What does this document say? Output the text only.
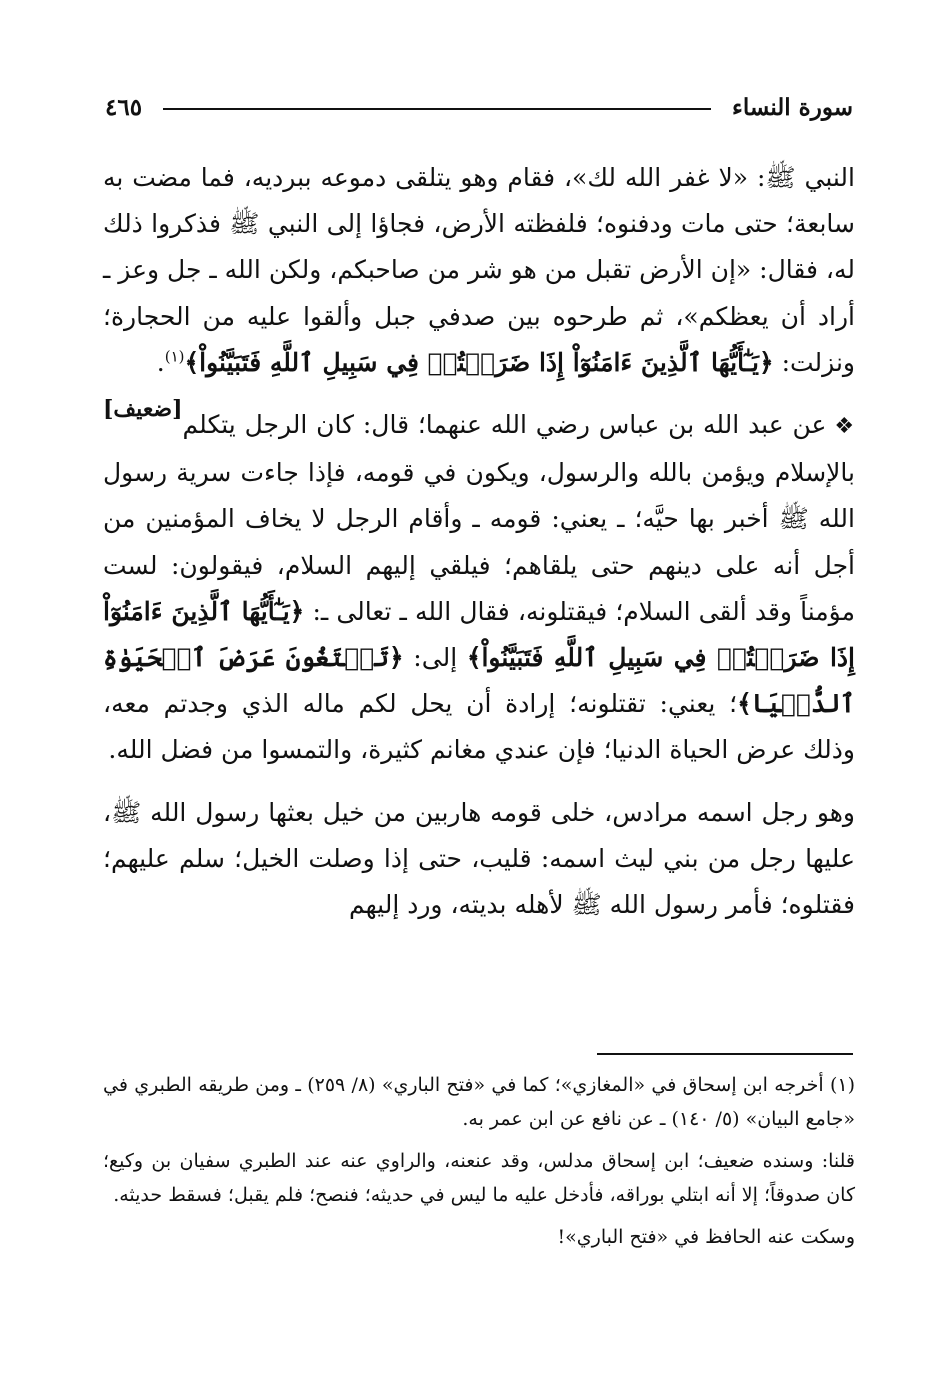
سورة النساء
٤٦٥

النبي ﷺ: «لا غفر الله لك»، فقام وهو يتلقى دموعه ببرديه، فما مضت به سابعة؛ حتى مات ودفنوه؛ فلفظته الأرض، فجاؤا إلى النبي ﷺ فذكروا ذلك له، فقال: «إن الأرض تقبل من هو شر من صاحبكم، ولكن الله ـ جل وعز ـ أراد أن يعظكم»، ثم طرحوه بين صدفي جبل وألقوا عليه من الحجارة؛ ونزلت: ﴿يَـٰٓأَيُّهَا ٱلَّذِينَ ءَامَنُوٓاْ إِذَا ضَرَبۡتُمۡ فِي سَبِيلِ ٱللَّهِ فَتَبَيَّنُواْ﴾$^{(١)}$.
[ضعيف]

❖ عن عبد الله بن عباس رضي الله عنهما؛ قال: كان الرجل يتكلم بالإسلام ويؤمن بالله والرسول، ويكون في قومه، فإذا جاءت سرية رسول الله ﷺ أخبر بها حيَّه؛ ـ يعني: قومه ـ وأقام الرجل لا يخاف المؤمنين من أجل أنه على دينهم حتى يلقاهم؛ فيلقي إليهم السلام، فيقولون: لست مؤمناً وقد ألقى السلام؛ فيقتلونه، فقال الله ـ تعالى ـ: ﴿يَـٰٓأَيُّهَا ٱلَّذِينَ ءَامَنُوٓاْ إِذَا ضَرَبۡتُمۡ فِي سَبِيلِ ٱللَّهِ فَتَبَيَّنُواْ﴾ إلى: ﴿تَبۡتَغُونَ عَرَضَ ٱلۡحَيَوٰةِ ٱلدُّنۡيَا﴾؛ يعني: تقتلونه؛ إرادة أن يحل لكم ماله الذي وجدتم معه، وذلك عرض الحياة الدنيا؛ فإن عندي مغانم كثيرة، والتمسوا من فضل الله.

وهو رجل اسمه مرادس، خلى قومه هاربين من خيل بعثها رسول الله ﷺ، عليها رجل من بني ليث اسمه: قليب، حتى إذا وصلت الخيل؛ سلم عليهم؛ فقتلوه؛ فأمر رسول الله ﷺ لأهله بديته، ورد إليهم

(١) أخرجه ابن إسحاق في «المغازي»؛ كما في «فتح الباري» (٨/ ٢٥٩) ـ ومن طريقه الطبري في «جامع البيان» (٥/ ١٤٠) ـ عن نافع عن ابن عمر به.

قلنا: وسنده ضعيف؛ ابن إسحاق مدلس، وقد عنعنه، والراوي عنه عند الطبري سفيان بن وكيع؛ كان صدوقاً؛ إلا أنه ابتلي بوراقه، فأدخل عليه ما ليس في حديثه؛ فنصح؛ فلم يقبل؛ فسقط حديثه.

وسكت عنه الحافظ في «فتح الباري»!
